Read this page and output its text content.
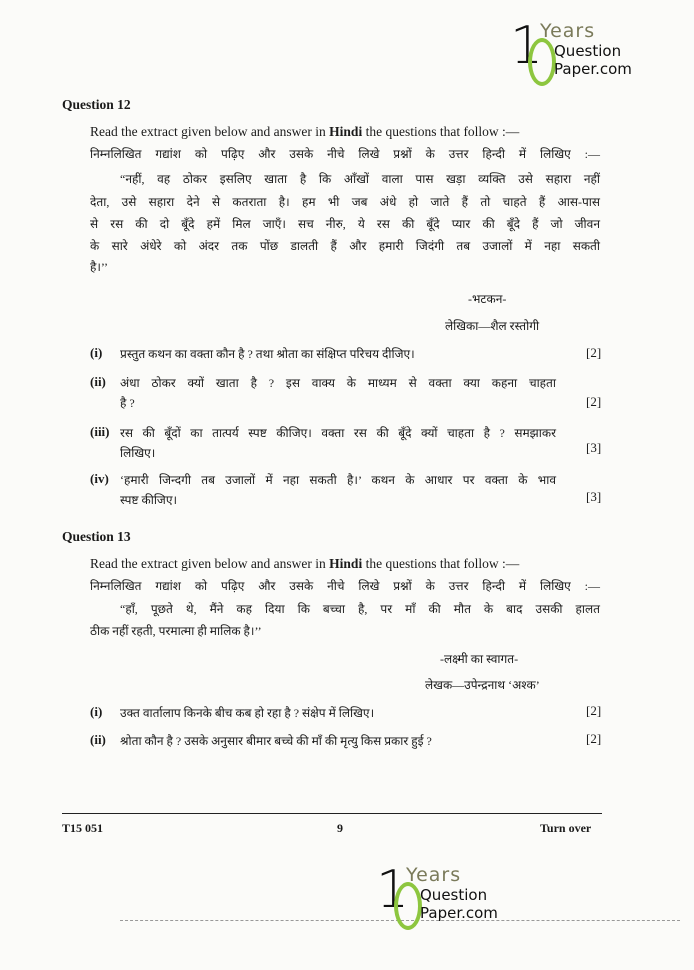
1
Years
Question
Paper.com
Question 12
Read the extract given below and answer in Hindi the questions that follow :—
निम्नलिखित गद्यांश को पढ़िए और उसके नीचे लिखे प्रश्नों के उत्तर हिन्दी में लिखिए :—
“नहीं, वह ठोकर इसलिए खाता है कि आँखों वाला पास खड़ा व्यक्ति उसे सहारा नहीं
देता, उसे सहारा देने से कतराता है। हम भी जब अंधे हो जाते हैं तो चाहते हैं आस-पास
से रस की दो बूँदे हमें मिल जाएँ। सच नीरु, ये रस की बूँदे प्यार की बूँदे हैं जो जीवन
के सारे अंधेरे को अंदर तक पोंछ डालती हैं और हमारी जिदंगी तब उजालों में नहा सकती
है।’’
-भटकन-
लेखिका—शैल रस्तोगी
(i) प्रस्तुत कथन का वक्ता कौन है ? तथा श्रोता का संक्षिप्त परिचय दीजिए।	[2]
(ii) अंधा ठोकर क्यों खाता है ? इस वाक्य के माध्यम से वक्ता क्या कहना चाहता
है ?	[2]
(iii) रस की बूँदों का तात्पर्य स्पष्ट कीजिए। वक्ता रस की बूँदे क्यों चाहता है ? समझाकर
लिखिए।	[3]
(iv) ‘हमारी जिन्दगी तब उजालों में नहा सकती है।’ कथन के आधार पर वक्ता के भाव
स्पष्ट कीजिए।	[3]
Question 13
Read the extract given below and answer in Hindi the questions that follow :—
निम्नलिखित गद्यांश को पढ़िए और उसके नीचे लिखे प्रश्नों के उत्तर हिन्दी में लिखिए :—
“हाँ, पूछते थे, मैंने कह दिया कि बच्चा है, पर माँ की मौत के बाद उसकी हालत
ठीक नहीं रहती, परमात्मा ही मालिक है।’’
-लक्ष्मी का स्वागत-
लेखक—उपेन्द्रनाथ ‘अश्क’
(i) उक्त वार्तालाप किनके बीच कब हो रहा है ? संक्षेप में लिखिए।	[2]
(ii) श्रोता कौन है ? उसके अनुसार बीमार बच्चे की माँ की मृत्यु किस प्रकार हुई ?	[2]
T15 051	9	Turn over
1
Years
Question
Paper.com
